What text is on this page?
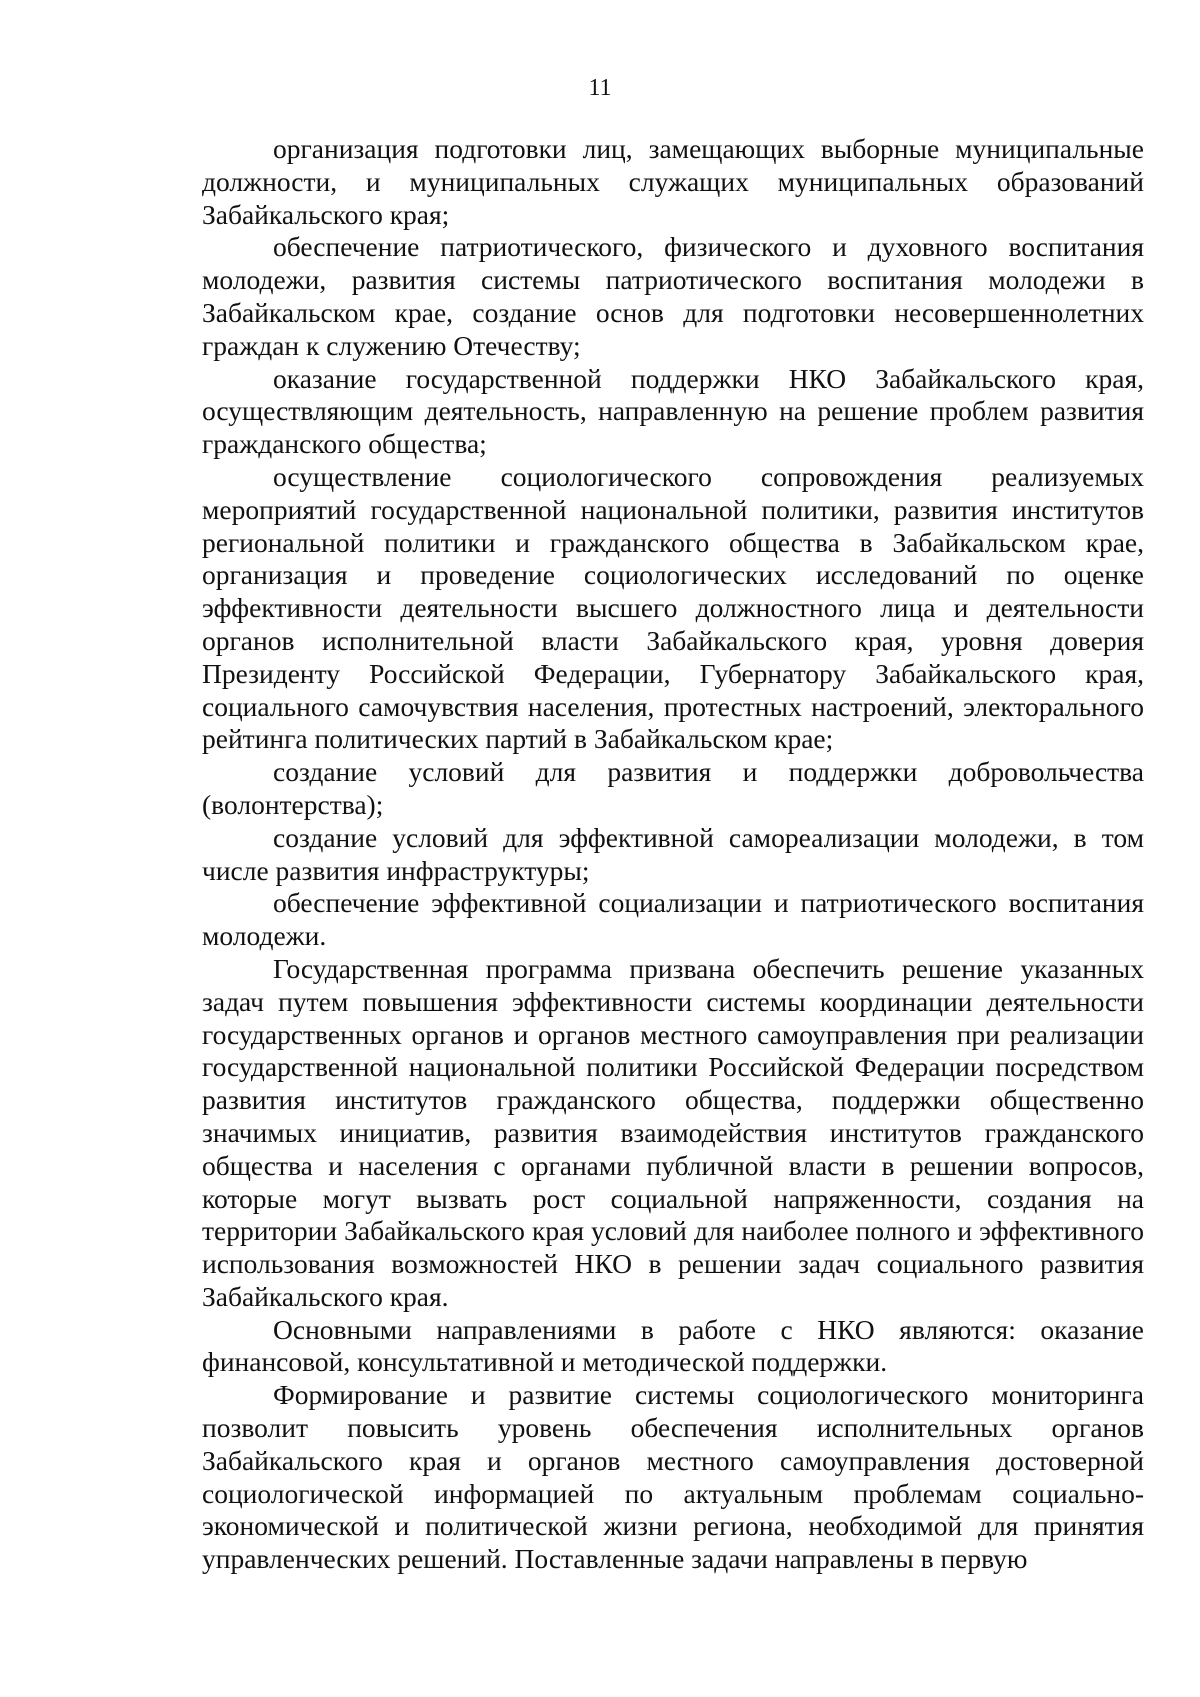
11

организация подготовки лиц, замещающих выборные муниципальные должности, и муниципальных служащих муниципальных образований Забайкальского края;

обеспечение патриотического, физического и духовного воспитания молодежи, развития системы патриотического воспитания молодежи в Забайкальском крае, создание основ для подготовки несовершеннолетних граждан к служению Отечеству;

оказание государственной поддержки НКО Забайкальского края, осуществляющим деятельность, направленную на решение проблем развития гражданского общества;

осуществление социологического сопровождения реализуемых мероприятий государственной национальной политики, развития институтов региональной политики и гражданского общества в Забайкальском крае, организация и проведение социологических исследований по оценке эффективности деятельности высшего должностного лица и деятельности органов исполнительной власти Забайкальского края, уровня доверия Президенту Российской Федерации, Губернатору Забайкальского края, социального самочувствия населения, протестных настроений, электорального рейтинга политических партий в Забайкальском крае;

создание условий для развития и поддержки добровольчества (волонтерства);

создание условий для эффективной самореализации молодежи, в том числе развития инфраструктуры;

обеспечение эффективной социализации и патриотического воспитания молодежи.

Государственная программа призвана обеспечить решение указанных задач путем повышения эффективности системы координации деятельности государственных органов и органов местного самоуправления при реализации государственной национальной политики Российской Федерации посредством развития институтов гражданского общества, поддержки общественно значимых инициатив, развития взаимодействия институтов гражданского общества и населения с органами публичной власти в решении вопросов, которые могут вызвать рост социальной напряженности, создания на территории Забайкальского края условий для наиболее полного и эффективного использования возможностей НКО в решении задач социального развития Забайкальского края.

Основными направлениями в работе с НКО являются: оказание финансовой, консультативной и методической поддержки.

Формирование и развитие системы социологического мониторинга позволит повысить уровень обеспечения исполнительных органов Забайкальского края и органов местного самоуправления достоверной социологической информацией по актуальным проблемам социально-экономической и политической жизни региона, необходимой для принятия управленческих решений. Поставленные задачи направлены в первую
